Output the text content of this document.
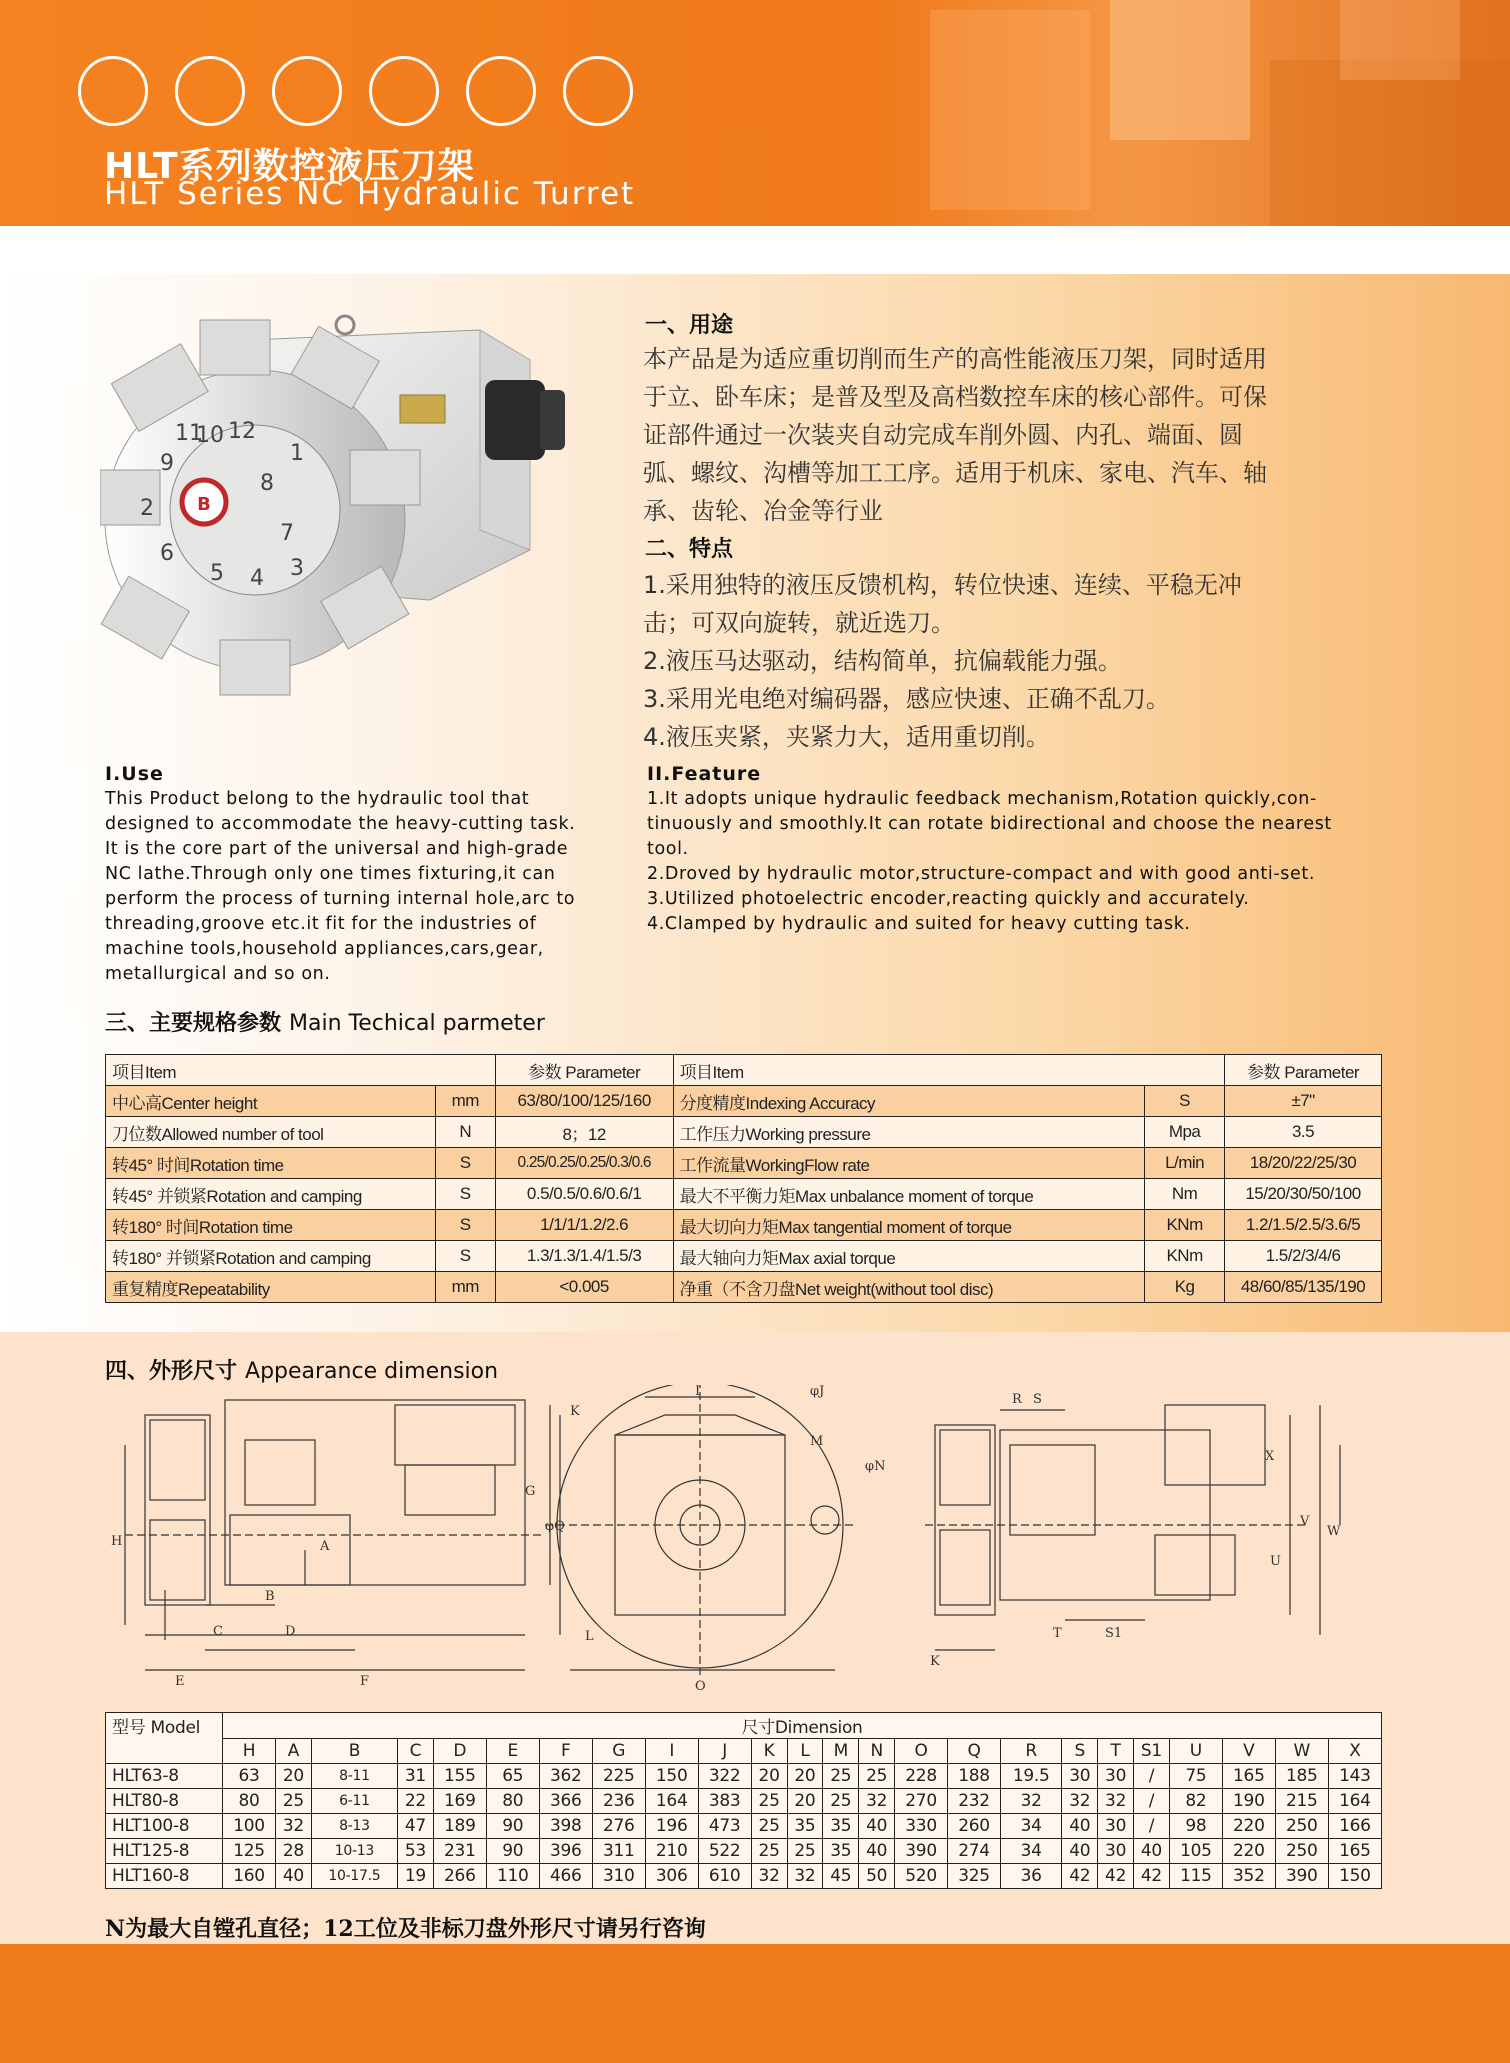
HLT系列数控液压刀架
HLT Series NC Hydraulic Turret
B
10 12
1
9
8
7
6
5 4 3
2
11
一、用途
本产品是为适应重切削而生产的高性能液压刀架，同时适用
于立、卧车床；是普及型及高档数控车床的核心部件。可保
证部件通过一次装夹自动完成车削外圆、内孔、端面、圆
弧、螺纹、沟槽等加工工序。适用于机床、家电、汽车、轴
承、齿轮、冶金等行业
二、特点
1.采用独特的液压反馈机构，转位快速、连续、平稳无冲
击；可双向旋转，就近选刀。
2.液压马达驱动，结构简单，抗偏载能力强。
3.采用光电绝对编码器，感应快速、正确不乱刀。
4.液压夹紧，夹紧力大，适用重切削。
I.Use
This Product belong to the hydraulic tool that
designed to accommodate the heavy-cutting task.
It is the core part of the universal and high-grade
NC lathe.Through only one times fixturing,it can
perform the process of turning internal hole,arc to
threading,groove etc.it fit for the industries of
machine tools,household appliances,cars,gear,
metallurgical and so on.
II.Feature
1.It adopts unique hydraulic feedback mechanism,Rotation quickly,con-
tinuously and smoothly.It can rotate bidirectional and choose the nearest
tool.
2.Droved by hydraulic motor,structure-compact and with good anti-set.
3.Utilized photoelectric encoder,reacting quickly and accurately.
4.Clamped by hydraulic and suited for heavy cutting task.
三、主要规格参数 Main Techical parmeter
项目Item		参数 Parameter	项目Item		参数 Parameter
中心高Center height	mm	63/80/100/125/160	分度精度Indexing Accuracy	S	±7"
刀位数Allowed number of tool	N	8；12	工作压力Working pressure	Mpa	3.5
转45° 时间Rotation time	S	0.25/0.25/0.25/0.3/0.6	工作流量WorkingFlow rate	L/min	18/20/22/25/30
转45° 并锁紧Rotation and camping	S	0.5/0.5/0.6/0.6/1	最大不平衡力矩Max unbalance moment of torque	Nm	15/20/30/50/100
转180° 时间Rotation time	S	1/1/1/1.2/2.6	最大切向力矩Max tangential moment of torque	KNm	1.2/1.5/2.5/3.6/5
转180° 并锁紧Rotation and camping	S	1.3/1.3/1.4/1.5/3	最大轴向力矩Max axial torque	KNm	1.5/2/3/4/6
重复精度Repeatability	mm	<0.005	净重（不含刀盘Net weight(without tool disc)	Kg	48/60/85/135/190
四、外形尺寸 Appearance dimension
H	A
B
C	D
E	F
G
I	φJ
K
L
M
φN
O
φQ
R S
T	S1
U
V
W
X
K
型号 Model	尺寸Dimension																							
	H	A	B	C	D	E	F	G	I	J	K	L	M	N	O	Q	R	S	T	S1	U	V	W	X
HLT63-8	63	20	8-11	31	155	65	362	225	150	322	20	20	25	25	228	188	19.5	30	30	/	75	165	185	143
HLT80-8	80	25	6-11	22	169	80	366	236	164	383	25	20	25	32	270	232	32	32	32	/	82	190	215	164
HLT100-8	100	32	8-13	47	189	90	398	276	196	473	25	35	35	40	330	260	34	40	30	/	98	220	250	166
HLT125-8	125	28	10-13	53	231	90	396	311	210	522	25	25	35	40	390	274	34	40	30	40	105	220	250	165
HLT160-8	160	40	10-17.5	19	266	110	466	310	306	610	32	32	45	50	520	325	36	42	42	42	115	352	390	150
N为最大自镗孔直径；12工位及非标刀盘外形尺寸请另行咨询
